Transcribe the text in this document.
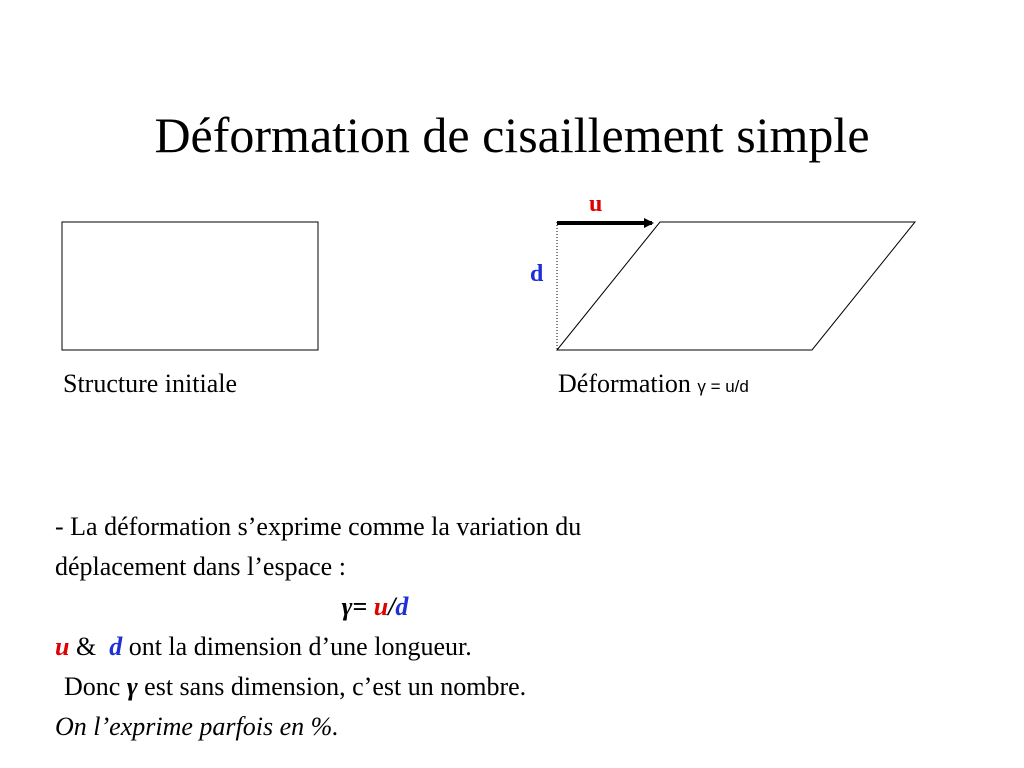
Déformation de cisaillement simple
u
d
Structure initiale	Déformation γ = u/d

- La déformation s’exprime comme la variation du

déplacement dans l’espace :

γ= u/d

u & d ont la dimension d’une longueur.

Donc γ est sans dimension, c’est un nombre.

On l’exprime parfois en %.
